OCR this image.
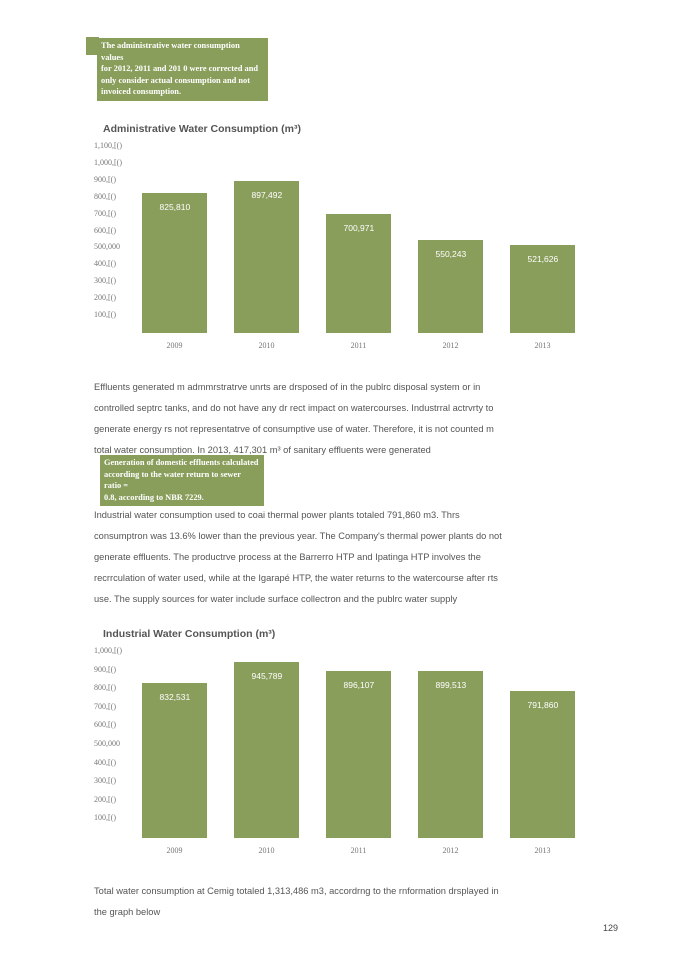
The administrative water consumption values
for 2012, 2011 and 201 0 were corrected and
only consider actual consumption and not
invoiced consumption.
Administrative Water Consumption (m³)
1,100,[()
1,000,[()
900,[()
800,[()
700,[()
600,[()
500,000
400,[()
300,[()
200,[()
100,[()
825,810
2009
897,492
2010
700,971
2011
550,243
2012
521,626
2013

Effluents generated m admmrstratrve unrts are drsposed of in the publrc disposal system or in

controlled septrc tanks, and do not have any dr rect impact on watercourses. Industrral actrvrty to

generate energy rs not representatrve of consumptive use of water. Therefore, it is not counted m

total water consumption. In 2013, 417,301 m³ of sanitary effluents were generated

Generation of domestic effluents calculated
according to the water return to sewer ratio =
0.8, according to NBR 7229.

Industrial water consumption used to coai thermal power plants totaled 791,860 m3. Thrs

consumptron was 13.6% lower than the previous year. The Company's thermal power plants do not

generate effluents. The productrve process at the Barrerro HTP and Ipatinga HTP involves the

recrrculation of water used, while at the Igarapé HTP, the water returns to the watercourse after rts

use. The supply sources for water include surface collectron and the publrc water supply

Industrial Water Consumption (m³)
1,000,[()
900,[()
800,[()
700,[()
600,[()
500,000
400,[()
300,[()
200,[()
100,[()
832,531
2009
945,789
2010
896,107
2011
899,513
2012
791,860
2013

Total water consumption at Cemig totaled 1,313,486 m3, accordrng to the rnformation drsplayed in

the graph below

129
